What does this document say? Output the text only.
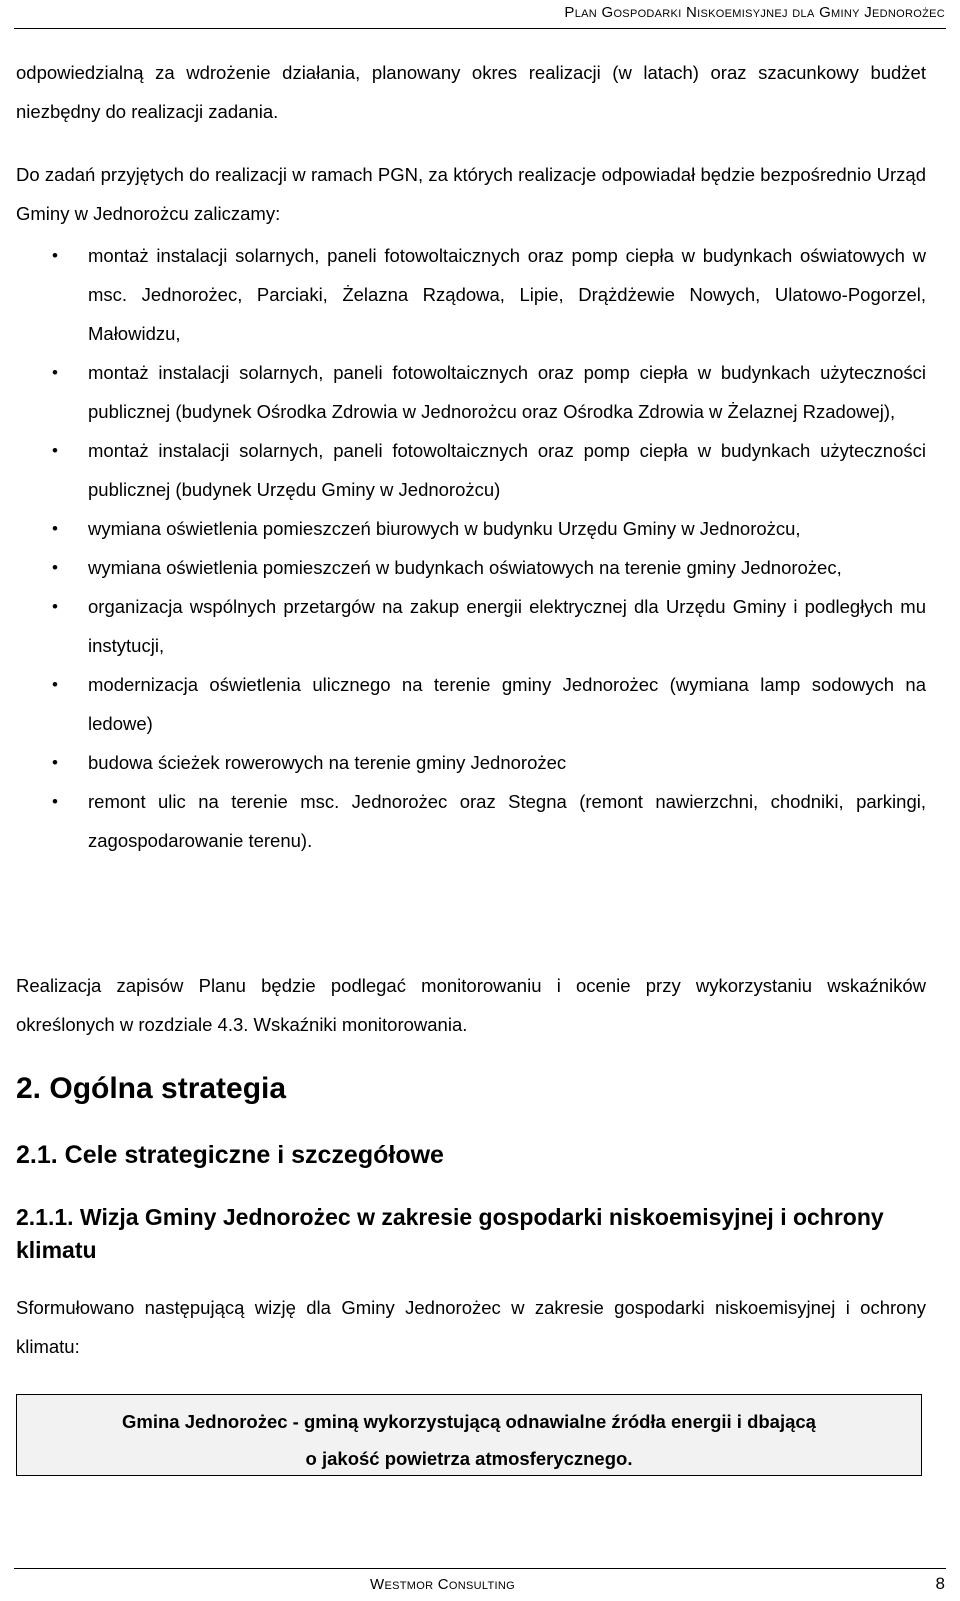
Plan Gospodarki Niskoemisyjnej dla Gminy Jednorożec

odpowiedzialną za wdrożenie działania, planowany okres realizacji (w latach) oraz szacunkowy budżet niezbędny do realizacji zadania.

Do zadań przyjętych do realizacji w ramach PGN, za których realizacje odpowiadał będzie bezpośrednio Urząd Gminy w Jednorożcu zaliczamy:

• montaż instalacji solarnych, paneli fotowoltaicznych oraz pomp ciepła w budynkach oświatowych w msc. Jednorożec, Parciaki, Żelazna Rządowa, Lipie, Drążdżewie Nowych, Ulatowo-Pogorzel, Małowidzu,
• montaż instalacji solarnych, paneli fotowoltaicznych oraz pomp ciepła w budynkach użyteczności publicznej (budynek Ośrodka Zdrowia w Jednorożcu oraz Ośrodka Zdrowia w Żelaznej Rzadowej),
• montaż instalacji solarnych, paneli fotowoltaicznych oraz pomp ciepła w budynkach użyteczności publicznej (budynek Urzędu Gminy w Jednorożcu)
• wymiana oświetlenia pomieszczeń biurowych w budynku Urzędu Gminy w Jednorożcu,
• wymiana oświetlenia pomieszczeń w budynkach oświatowych na terenie gminy Jednorożec,
• organizacja wspólnych przetargów na zakup energii elektrycznej dla Urzędu Gminy i podległych mu instytucji,
• modernizacja oświetlenia ulicznego na terenie gminy Jednorożec (wymiana lamp sodowych na ledowe)
• budowa ścieżek rowerowych na terenie gminy Jednorożec
• remont ulic na terenie msc. Jednorożec oraz Stegna (remont nawierzchni, chodniki, parkingi, zagospodarowanie terenu).

Realizacja zapisów Planu będzie podlegać monitorowaniu i ocenie przy wykorzystaniu wskaźników określonych w rozdziale 4.3. Wskaźniki monitorowania.

2. Ogólna strategia
2.1. Cele strategiczne i szczegółowe
2.1.1. Wizja Gminy Jednorożec w zakresie gospodarki niskoemisyjnej i ochrony klimatu

Sformułowano następującą wizję dla Gminy Jednorożec w zakresie gospodarki niskoemisyjnej i ochrony klimatu:

Gmina Jednorożec - gminą wykorzystującą odnawialne źródła energii i dbającą
o jakość powietrza atmosferycznego.
Westmor Consulting	8
